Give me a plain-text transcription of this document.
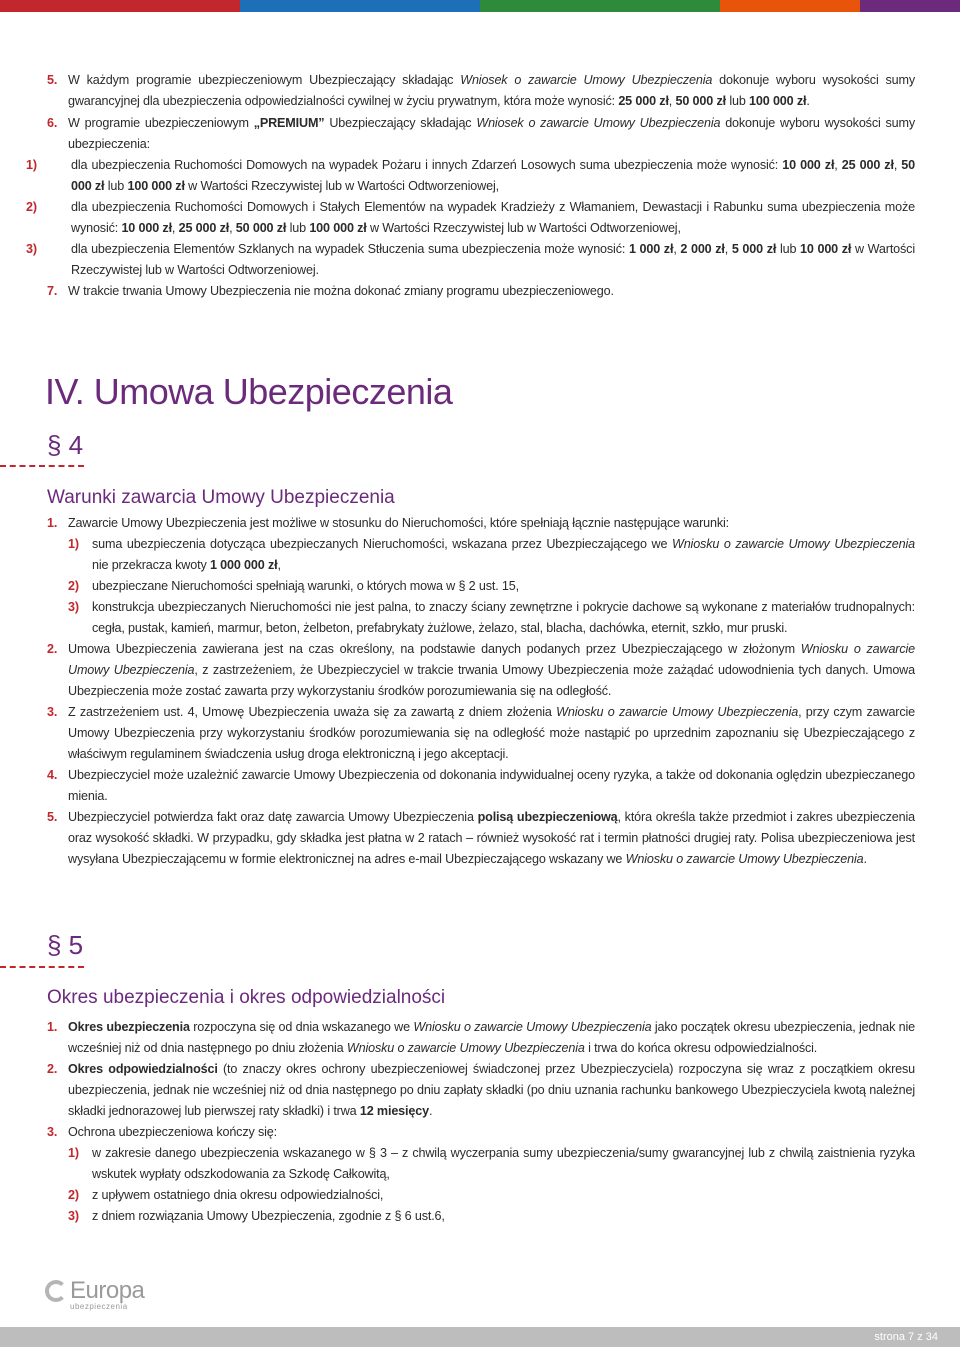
5. W każdym programie ubezpieczeniowym Ubezpieczający składając Wniosek o zawarcie Umowy Ubezpieczenia dokonuje wyboru wysokości sumy gwarancyjnej dla ubezpieczenia odpowiedzialności cywilnej w życiu prywatnym, która może wynosić: 25 000 zł, 50 000 zł lub 100 000 zł.
6. W programie ubezpieczeniowym „PREMIUM” Ubezpieczający składając Wniosek o zawarcie Umowy Ubezpieczenia dokonuje wyboru wysokości sumy ubezpieczenia:
1)	dla ubezpieczenia Ruchomości Domowych na wypadek Pożaru i innych Zdarzeń Losowych suma ubezpieczenia może wynosić: 10 000 zł, 25 000 zł, 50 000 zł lub 100 000 zł w Wartości Rzeczywistej lub w Wartości Odtworzeniowej,
2)	dla ubezpieczenia Ruchomości Domowych i Stałych Elementów na wypadek Kradzieży z Włamaniem, Dewastacji i Rabunku suma ubezpieczenia może wynosić: 10 000 zł, 25 000 zł, 50 000 zł lub 100 000 zł w Wartości Rzeczywistej lub w Wartości Odtworzeniowej,
3)	dla ubezpieczenia Elementów Szklanych na wypadek Stłuczenia suma ubezpieczenia może wynosić: 1 000 zł, 2 000 zł, 5 000 zł lub 10 000 zł w Wartości Rzeczywistej lub w Wartości Odtworzeniowej.
7. W trakcie trwania Umowy Ubezpieczenia nie można dokonać zmiany programu ubezpieczeniowego.
IV. Umowa Ubezpieczenia
§ 4
Warunki zawarcia Umowy Ubezpieczenia
1. Zawarcie Umowy Ubezpieczenia jest możliwe w stosunku do Nieruchomości, które spełniają łącznie następujące warunki:
1) suma ubezpieczenia dotycząca ubezpieczanych Nieruchomości, wskazana przez Ubezpieczającego we Wniosku o zawarcie Umowy Ubezpieczenia nie przekracza kwoty 1 000 000 zł,
2) ubezpieczane Nieruchomości spełniają warunki, o których mowa w § 2 ust. 15,
3) konstrukcja ubezpieczanych Nieruchomości nie jest palna, to znaczy ściany zewnętrzne i pokrycie dachowe są wykonane z materiałów trudnopalnych: cegła, pustak, kamień, marmur, beton, żelbeton, prefabrykaty żużlowe, żelazo, stal, blacha, dachówka, eternit, szkło, mur pruski.
2. Umowa Ubezpieczenia zawierana jest na czas określony, na podstawie danych podanych przez Ubezpieczającego w złożonym Wniosku o zawarcie Umowy Ubezpieczenia, z zastrzeżeniem, że Ubezpieczyciel w trakcie trwania Umowy Ubezpieczenia może zażądać udowodnienia tych danych. Umowa Ubezpieczenia może zostać zawarta przy wykorzystaniu środków porozumiewania się na odległość.
3. Z zastrzeżeniem ust. 4, Umowę Ubezpieczenia uważa się za zawartą z dniem złożenia Wniosku o zawarcie Umowy Ubezpieczenia, przy czym zawarcie Umowy Ubezpieczenia przy wykorzystaniu środków porozumiewania się na odległość może nastąpić po uprzednim zapoznaniu się Ubezpieczającego z właściwym regulaminem świadczenia usług droga elektroniczną i jego akceptacji.
4. Ubezpieczyciel może uzależnić zawarcie Umowy Ubezpieczenia od dokonania indywidualnej oceny ryzyka, a także od dokonania oględzin ubezpieczanego mienia.
5. Ubezpieczyciel potwierdza fakt oraz datę zawarcia Umowy Ubezpieczenia polisą ubezpieczeniową, która określa także przedmiot i zakres ubezpieczenia oraz wysokość składki. W przypadku, gdy składka jest płatna w 2 ratach – również wysokość rat i termin płatności drugiej raty. Polisa ubezpieczeniowa jest wysyłana Ubezpieczającemu w formie elektronicznej na adres e-mail Ubezpieczającego wskazany we Wniosku o zawarcie Umowy Ubezpieczenia.
§ 5
Okres ubezpieczenia i okres odpowiedzialności
1. Okres ubezpieczenia rozpoczyna się od dnia wskazanego we Wniosku o zawarcie Umowy Ubezpieczenia jako początek okresu ubezpieczenia, jednak nie wcześniej niż od dnia następnego po dniu złożenia Wniosku o zawarcie Umowy Ubezpieczenia i trwa do końca okresu odpowiedzialności.
2. Okres odpowiedzialności (to znaczy okres ochrony ubezpieczeniowej świadczonej przez Ubezpieczyciela) rozpoczyna się wraz z początkiem okresu ubezpieczenia, jednak nie wcześniej niż od dnia następnego po dniu zapłaty składki (po dniu uznania rachunku bankowego Ubezpieczyciela kwotą należnej składki jednorazowej lub pierwszej raty składki) i trwa 12 miesięcy.
3. Ochrona ubezpieczeniowa kończy się:
1) w zakresie danego ubezpieczenia wskazanego w § 3 – z chwilą wyczerpania sumy ubezpieczenia/sumy gwarancyjnej lub z chwilą zaistnienia ryzyka wskutek wypłaty odszkodowania za Szkodę Całkowitą,
2) z upływem ostatniego dnia okresu odpowiedzialności,
3) z dniem rozwiązania Umowy Ubezpieczenia, zgodnie z § 6 ust.6,
Europa
ubezpieczenia
strona 7 z 34
